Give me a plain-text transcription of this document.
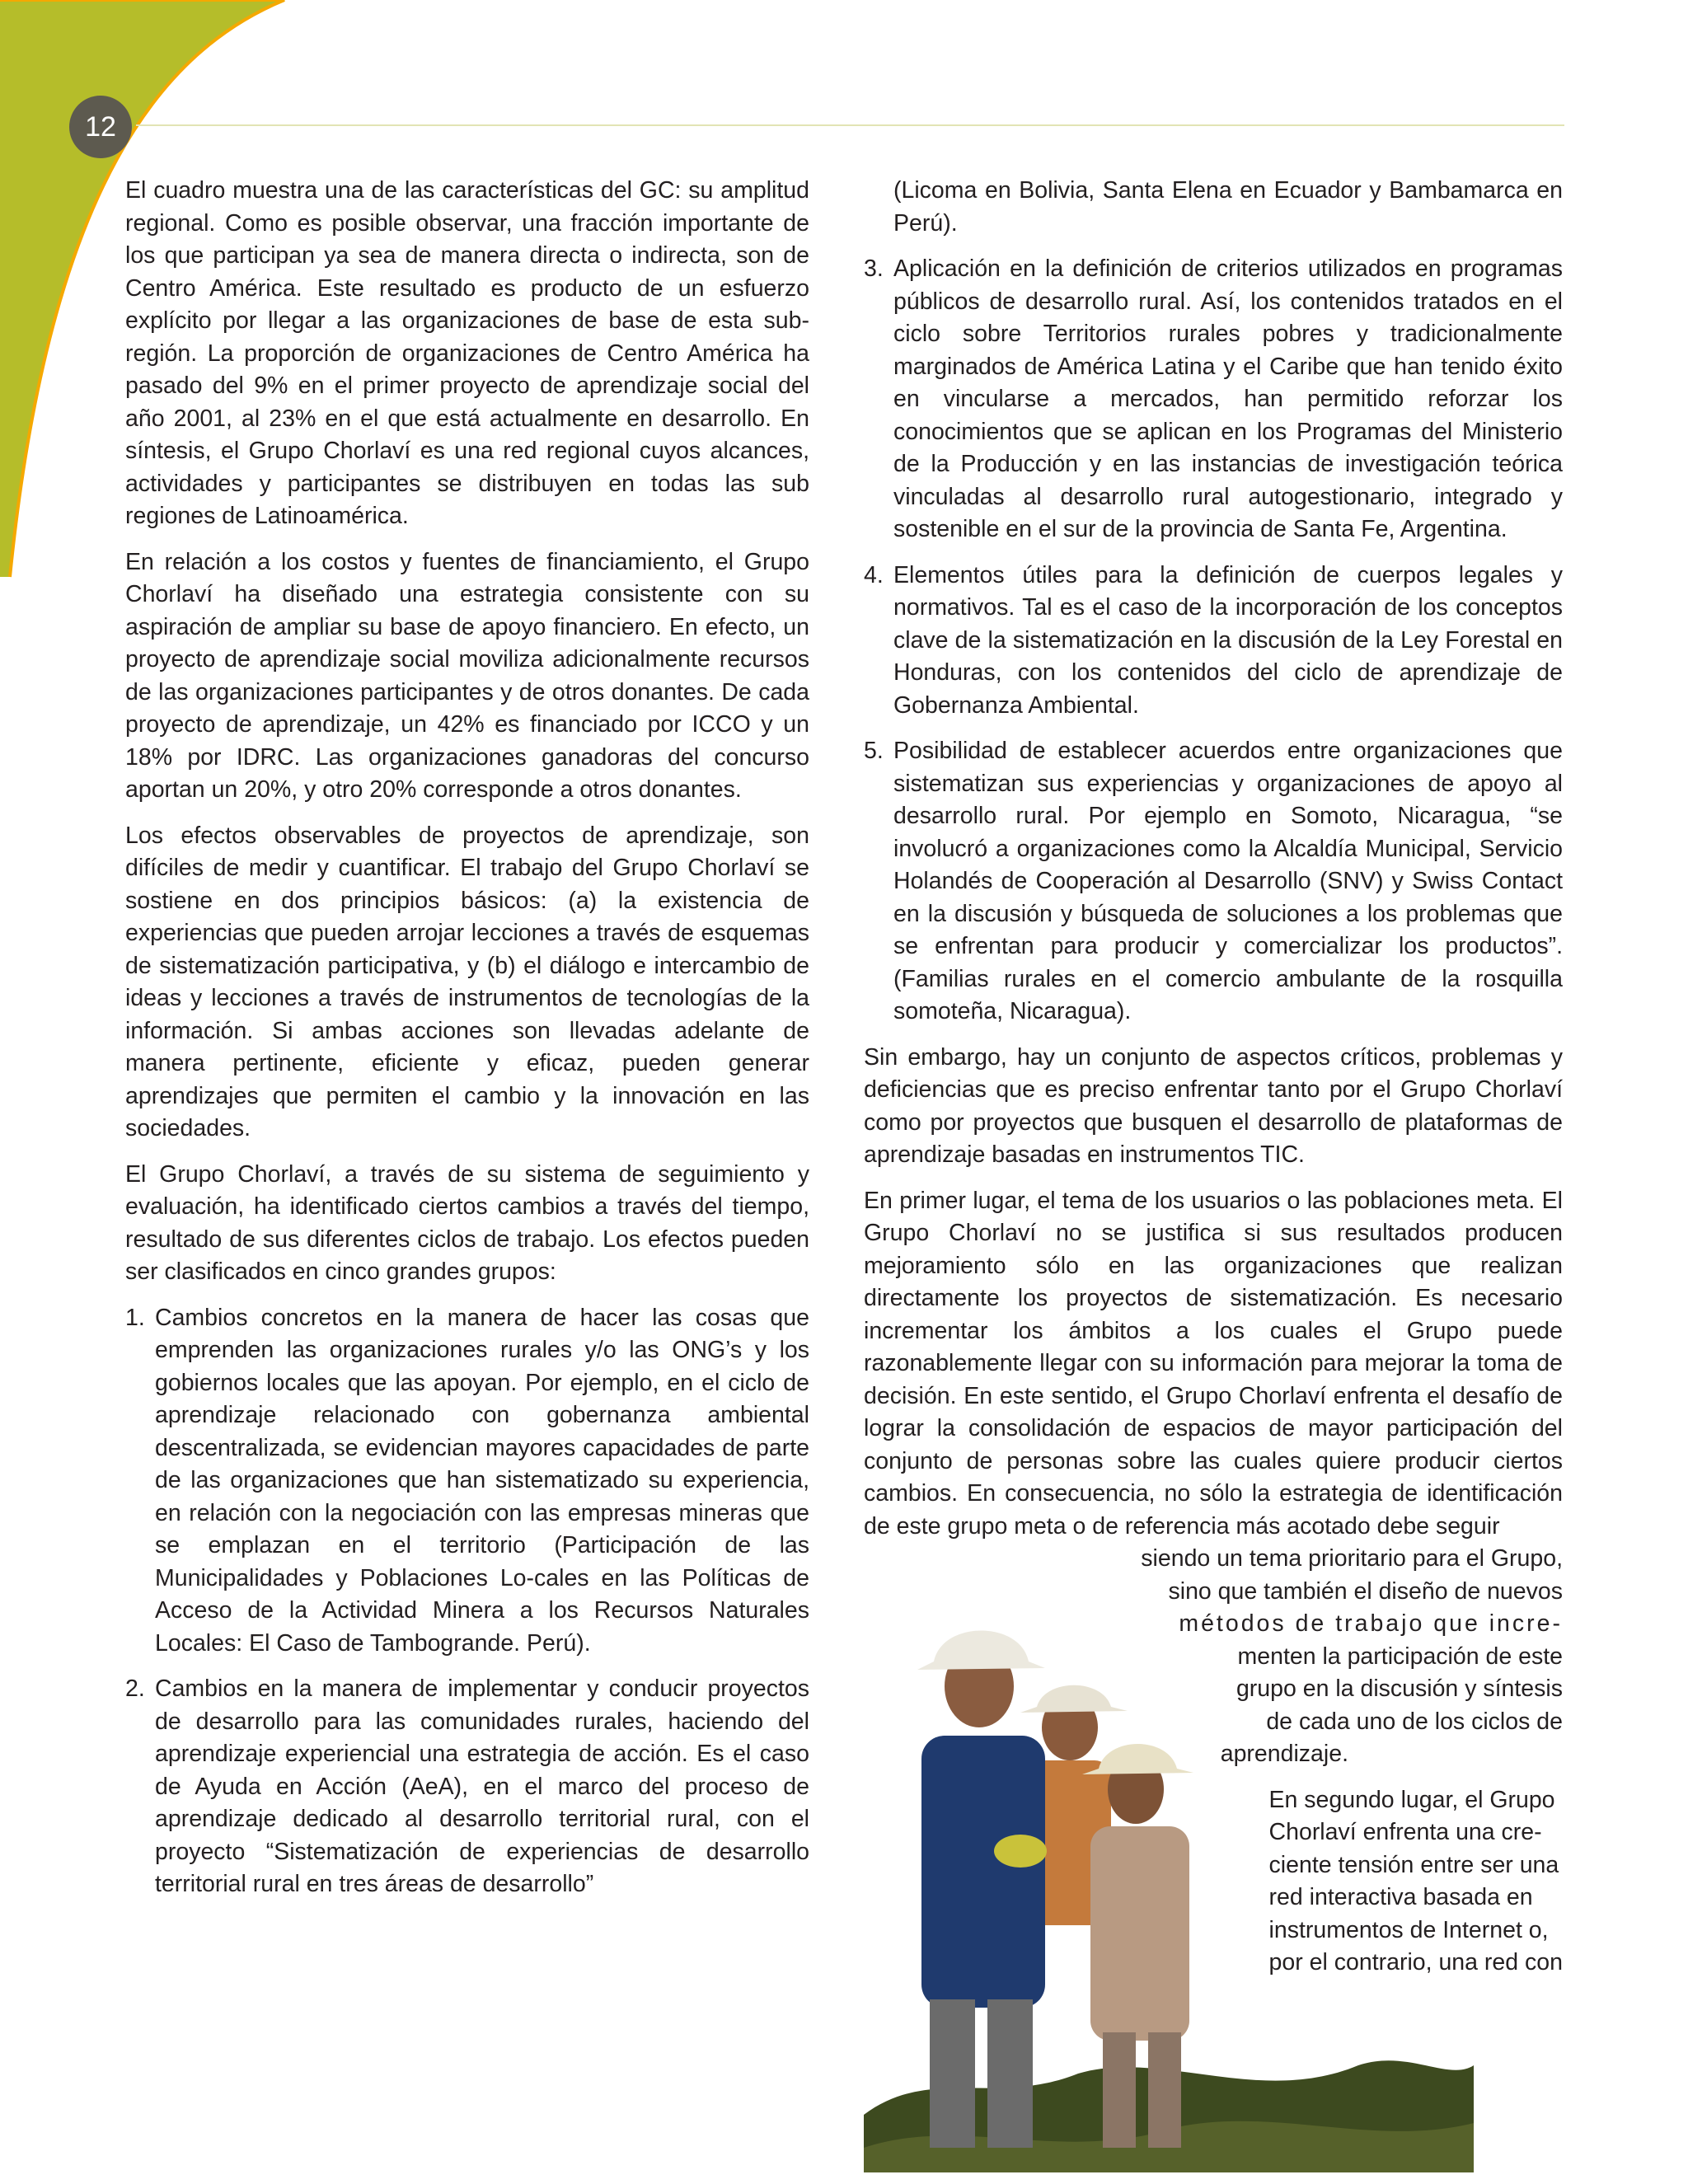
12

El cuadro muestra una de las características del GC: su amplitud regional. Como es posible observar, una fracción importante de los que participan ya sea de manera directa o indirecta, son de Centro América. Este resultado es producto de un esfuerzo explícito por llegar a las organizaciones de base de esta sub-región. La proporción de organizaciones de Centro América ha pasado del 9% en el primer proyecto de aprendizaje social del año 2001, al 23% en el que está actualmente en desarrollo. En síntesis, el Grupo Chorlaví es una red regional cuyos alcances, actividades y participantes se distribuyen en todas las sub regiones de Latinoamérica.

En relación a los costos y fuentes de financiamiento, el Grupo Chorlaví ha diseñado una estrategia consistente con su aspiración de ampliar su base de apoyo financiero. En efecto, un proyecto de aprendizaje social moviliza adicionalmente recursos de las organizaciones participantes y de otros donantes. De cada proyecto de aprendizaje, un 42% es financiado por ICCO y un 18% por IDRC. Las organizaciones ganadoras del concurso aportan un 20%, y otro 20% corresponde a otros donantes.

Los efectos observables de proyectos de aprendizaje, son difíciles de medir y cuantificar. El trabajo del Grupo Chorlaví se sostiene en dos principios básicos: (a) la existencia de experiencias que pueden arrojar lecciones a través de esquemas de sistematización participativa, y (b) el diálogo e intercambio de ideas y lecciones a través de instrumentos de tecnologías de la información. Si ambas acciones son llevadas adelante de manera pertinente, eficiente y eficaz, pueden generar aprendizajes que permiten el cambio y la innovación en las sociedades.

El Grupo Chorlaví, a través de su sistema de seguimiento y evaluación, ha identificado ciertos cambios a través del tiempo, resultado de sus diferentes ciclos de trabajo. Los efectos pueden ser clasificados en cinco grandes grupos:

1. Cambios concretos en la manera de hacer las cosas que emprenden las organizaciones rurales y/o las ONG’s y los gobiernos locales que las apoyan. Por ejemplo, en el ciclo de aprendizaje relacionado con gobernanza ambiental descentralizada, se evidencian mayores capacidades de parte de las organizaciones que han sistematizado su experiencia, en relación con la negociación con las empresas mineras que se emplazan en el territorio (Participación de las Municipalidades y Poblaciones Lo-cales en las Políticas de Acceso de la Actividad Minera a los Recursos Naturales Locales: El Caso de Tambogrande. Perú).
2. Cambios en la manera de implementar y conducir proyectos de desarrollo para las comunidades rurales, haciendo del aprendizaje experiencial una estrategia de acción. Es el caso de Ayuda en Acción (AeA), en el marco del proceso de aprendizaje dedicado al desarrollo territorial rural, con el proyecto “Sistematización de experiencias de desarrollo territorial rural en tres áreas de desarrollo”

(Licoma en Bolivia, Santa Elena en Ecuador y Bambamarca en Perú).

3. Aplicación en la definición de criterios utilizados en programas públicos de desarrollo rural. Así, los contenidos tratados en el ciclo sobre Territorios rurales pobres y tradicionalmente marginados de América Latina y el Caribe que han tenido éxito en vincularse a mercados, han permitido reforzar los conocimientos que se aplican en los Programas del Ministerio de la Producción y en las instancias de investigación teórica vinculadas al desarrollo rural autogestionario, integrado y sostenible en el sur de la provincia de Santa Fe, Argentina.
4. Elementos útiles para la definición de cuerpos legales y normativos. Tal es el caso de la incorporación de los conceptos clave de la sistematización en la discusión de la Ley Forestal en Honduras, con los contenidos del ciclo de aprendizaje de Gobernanza Ambiental.
5. Posibilidad de establecer acuerdos entre organizaciones que sistematizan sus experiencias y organizaciones de apoyo al desarrollo rural. Por ejemplo en Somoto, Nicaragua, “se involucró a organizaciones como la Alcaldía Municipal, Servicio Holandés de Cooperación al Desarrollo (SNV) y Swiss Contact en la discusión y búsqueda de soluciones a los problemas que se enfrentan para producir y comercializar los productos”. (Familias rurales en el comercio ambulante de la rosquilla somoteña, Nicaragua).

Sin embargo, hay un conjunto de aspectos críticos, problemas y deficiencias que es preciso enfrentar tanto por el Grupo Chorlaví como por proyectos que busquen el desarrollo de plataformas de aprendizaje basadas en instrumentos TIC.

En primer lugar, el tema de los usuarios o las poblaciones meta. El Grupo Chorlaví no se justifica si sus resultados producen mejoramiento sólo en las organizaciones que realizan directamente los proyectos de sistematización. Es necesario incrementar los ámbitos a los cuales el Grupo puede razonablemente llegar con su información para mejorar la toma de decisión. En este sentido, el Grupo Chorlaví enfrenta el desafío de lograr la consolidación de espacios de mayor participación del conjunto de personas sobre las cuales quiere producir ciertos cambios. En consecuencia, no sólo la estrategia de identificación de este grupo meta o de referencia más acotado debe seguir

siendo un tema prioritario para el Grupo,
sino que también el diseño de nuevos
métodos de trabajo que incre-
menten la participación de este
grupo en la discusión y síntesis
de cada uno de los ciclos de
aprendizaje.

En segundo lugar, el Grupo
Chorlaví enfrenta una cre-
ciente tensión entre ser una
red interactiva basada en
instrumentos de Internet o,
por el contrario, una red con
